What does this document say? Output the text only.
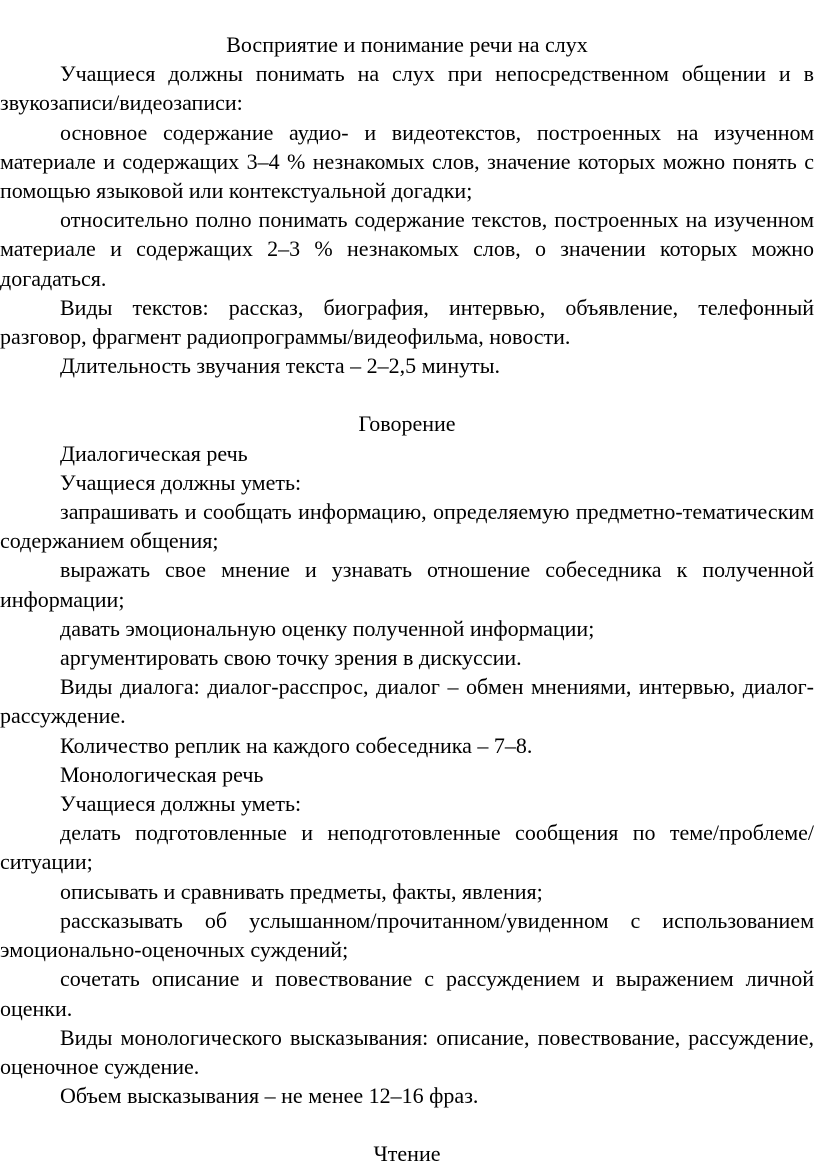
Восприятие и понимание речи на слух

Учащиеся должны понимать на слух при непосредственном общении и в звукозаписи/видеозаписи:

основное содержание аудио- и видеотекстов, построенных на изученном материале и содержащих 3–4 % незнакомых слов, значение которых можно понять с помощью языковой или контекстуальной догадки;

относительно полно понимать содержание текстов, построенных на изученном материале и содержащих 2–3 % незнакомых слов, о значении которых можно догадаться.

Виды текстов: рассказ, биография, интервью, объявление, телефонный разговор, фрагмент радиопрограммы/видеофильма, новости.

Длительность звучания текста – 2–2,5 минуты.

Говорение

Диалогическая речь

Учащиеся должны уметь:

запрашивать и сообщать информацию, определяемую предметно-тематическим содержанием общения;

выражать свое мнение и узнавать отношение собеседника к полученной информации;

давать эмоциональную оценку полученной информации;

аргументировать свою точку зрения в дискуссии.

Виды диалога: диалог-расспрос, диалог – обмен мнениями, интервью, диалог-рассуждение.

Количество реплик на каждого собеседника – 7–8.

Монологическая речь

Учащиеся должны уметь:

делать подготовленные и неподготовленные сообщения по теме/проблеме/ситуации;

описывать и сравнивать предметы, факты, явления;

рассказывать об услышанном/прочитанном/увиденном с использованием эмоционально-оценочных суждений;

сочетать описание и повествование с рассуждением и выражением личной оценки.

Виды монологического высказывания: описание, повествование, рассуждение, оценочное суждение.

Объем высказывания – не менее 12–16 фраз.

Чтение
